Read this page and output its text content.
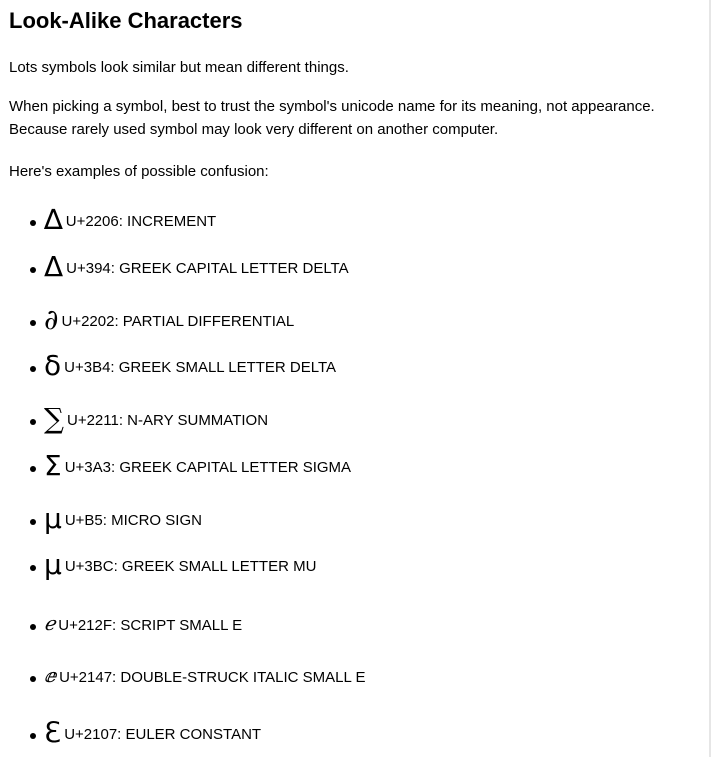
Look-Alike Characters

Lots symbols look similar but mean different things.

When picking a symbol, best to trust the symbol's unicode name for its meaning, not appearance.
Because rarely used symbol may look very different on another computer.

Here's examples of possible confusion:

∆ U+2206: INCREMENT
Δ U+394: GREEK CAPITAL LETTER DELTA
∂ U+2202: PARTIAL DIFFERENTIAL
δ U+3B4: GREEK SMALL LETTER DELTA
∑ U+2211: N-ARY SUMMATION
Σ U+3A3: GREEK CAPITAL LETTER SIGMA
µ U+B5: MICRO SIGN
μ U+3BC: GREEK SMALL LETTER MU
ℯ U+212F: SCRIPT SMALL E
ⅇ U+2147: DOUBLE-STRUCK ITALIC SMALL E
ℇ U+2107: EULER CONSTANT
